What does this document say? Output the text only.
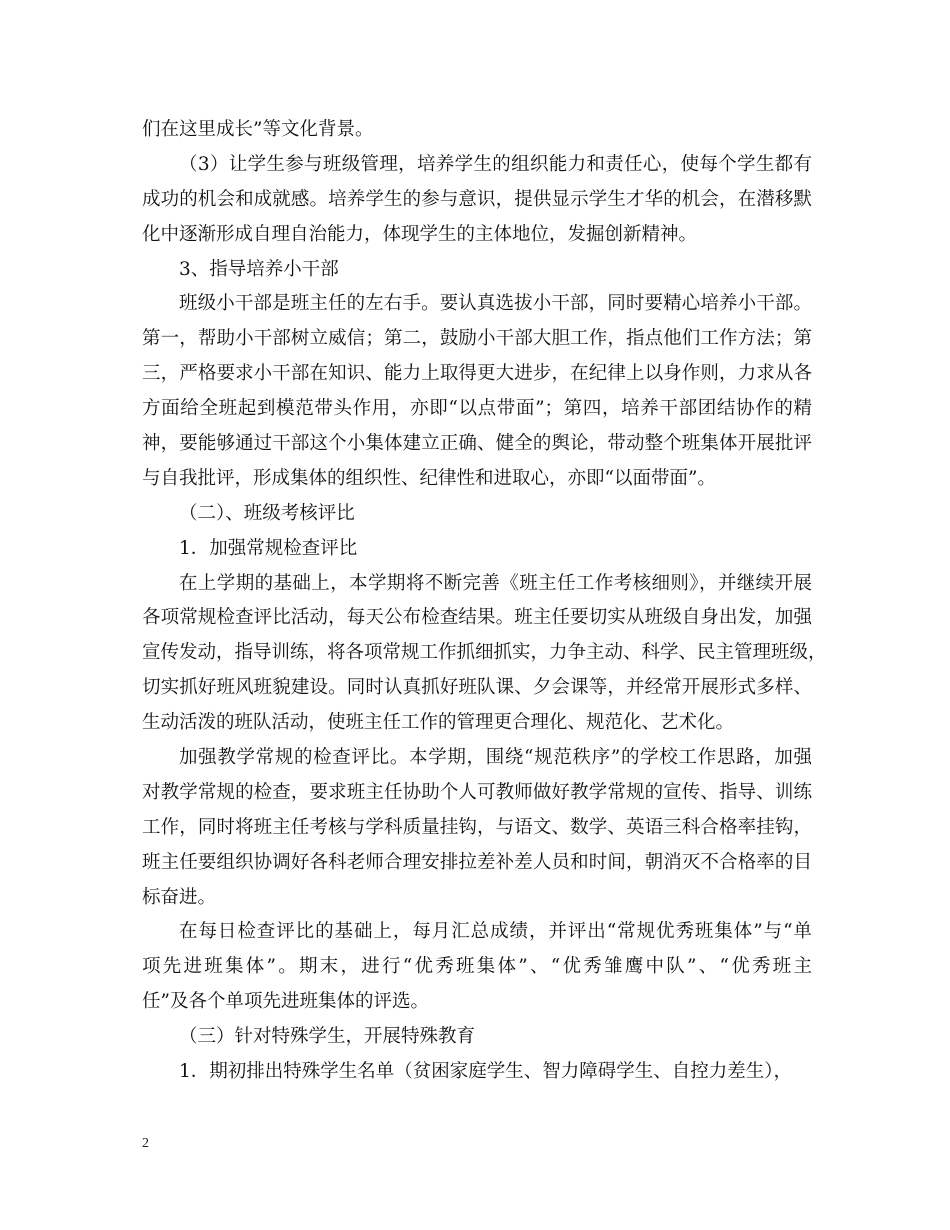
们在这里成长”等文化背景。
（3）让学生参与班级管理，培养学生的组织能力和责任心，使每个学生都有
成功的机会和成就感。培养学生的参与意识，提供显示学生才华的机会，在潜移默
化中逐渐形成自理自治能力，体现学生的主体地位，发掘创新精神。
3、指导培养小干部
班级小干部是班主任的左右手。要认真选拔小干部，同时要精心培养小干部。
第一，帮助小干部树立威信；第二，鼓励小干部大胆工作，指点他们工作方法；第
三，严格要求小干部在知识、能力上取得更大进步，在纪律上以身作则，力求从各
方面给全班起到模范带头作用，亦即“以点带面”；第四，培养干部团结协作的精
神，要能够通过干部这个小集体建立正确、健全的舆论，带动整个班集体开展批评
与自我批评，形成集体的组织性、纪律性和进取心，亦即“以面带面”。
（二）、班级考核评比
1．加强常规检查评比
在上学期的基础上，本学期将不断完善《班主任工作考核细则》，并继续开展
各项常规检查评比活动，每天公布检查结果。班主任要切实从班级自身出发，加强
宣传发动，指导训练，将各项常规工作抓细抓实，力争主动、科学、民主管理班级，
切实抓好班风班貌建设。同时认真抓好班队课、夕会课等，并经常开展形式多样、
生动活泼的班队活动，使班主任工作的管理更合理化、规范化、艺术化。
加强教学常规的检查评比。本学期，围绕“规范秩序”的学校工作思路，加强
对教学常规的检查，要求班主任协助个人可教师做好教学常规的宣传、指导、训练
工作，同时将班主任考核与学科质量挂钩，与语文、数学、英语三科合格率挂钩，
班主任要组织协调好各科老师合理安排拉差补差人员和时间，朝消灭不合格率的目
标奋进。
在每日检查评比的基础上，每月汇总成绩，并评出“常规优秀班集体”与“单
项先进班集体”。期末，进行“优秀班集体”、“优秀雏鹰中队”、“优秀班主
任”及各个单项先进班集体的评选。
（三）针对特殊学生，开展特殊教育
1．期初排出特殊学生名单（贫困家庭学生、智力障碍学生、自控力差生），
2
